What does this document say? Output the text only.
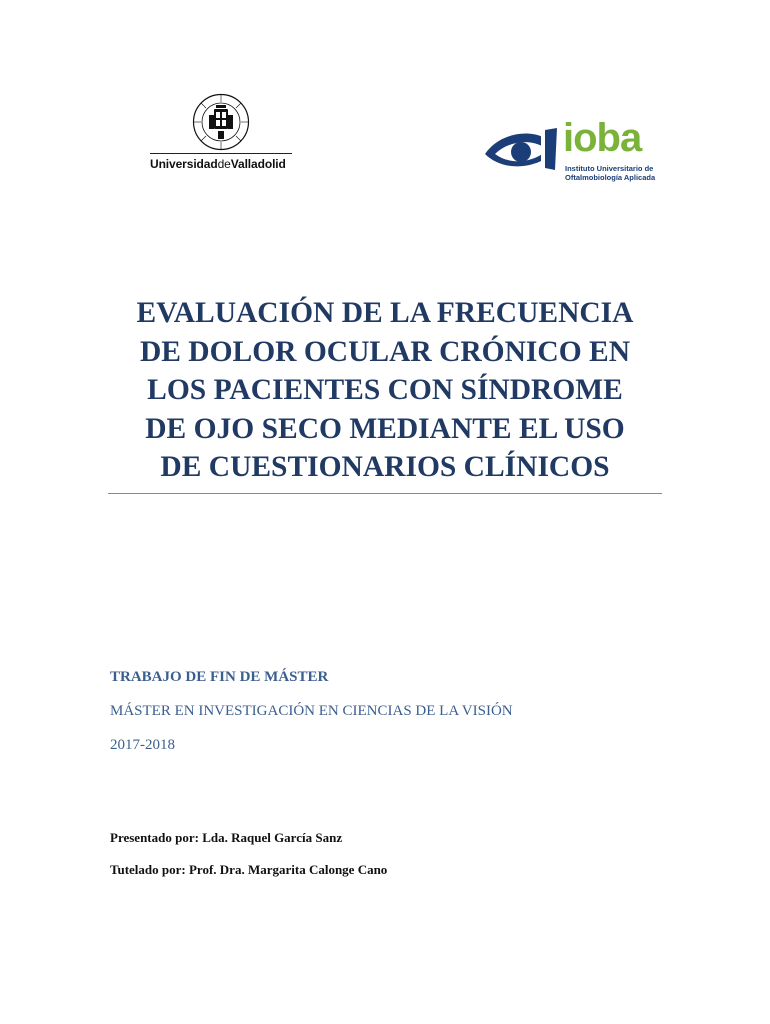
UniversidaddeValladolid
ioba
Instituto Universitario de
Oftalmobiología Aplicada
EVALUACIÓN DE LA FRECUENCIA
DE DOLOR OCULAR CRÓNICO EN
LOS PACIENTES CON SÍNDROME
DE OJO SECO MEDIANTE EL USO
DE CUESTIONARIOS CLÍNICOS
TRABAJO DE FIN DE MÁSTER
MÁSTER EN INVESTIGACIÓN EN CIENCIAS DE LA VISIÓN
2017-2018
Presentado por: Lda. Raquel García Sanz
Tutelado por: Prof. Dra. Margarita Calonge Cano
